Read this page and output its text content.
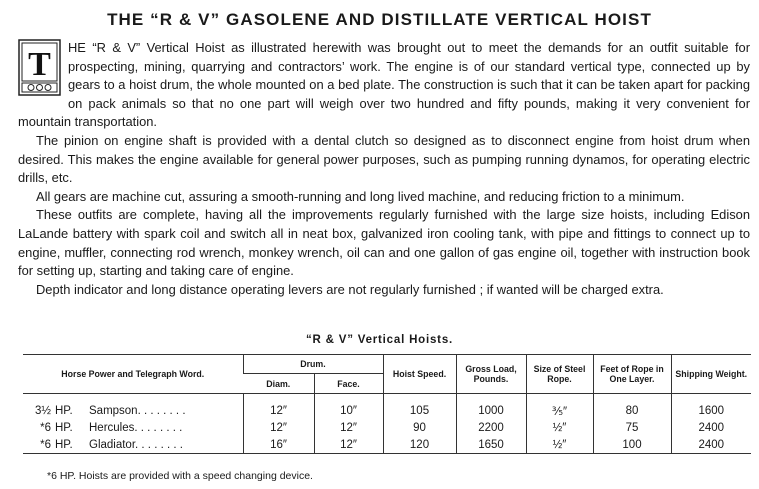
THE “R & V” GASOLENE AND DISTILLATE VERTICAL HOIST
T	HE “R & V” Vertical Hoist as illustrated herewith was brought out to meet the demands for an outfit suitable for prospecting, mining, quarrying and contractors’ work. The engine is of our standard vertical type, connected up by gears to a hoist drum, the whole mounted on a bed plate. The construction is such that it can be taken apart for packing on pack animals so that no one part will weigh over two hundred and fifty pounds, making it very convenient for mountain transportation.

The pinion on engine shaft is provided with a dental clutch so designed as to disconnect engine from hoist drum when desired. This makes the engine available for general power purposes, such as pumping running dynamos, for operating electric drills, etc.

All gears are machine cut, assuring a smooth-running and long lived machine, and reducing friction to a minimum.

These outfits are complete, having all the improvements regularly furnished with the large size hoists, including Edison LaLande battery with spark coil and switch all in neat box, galvanized iron cooling tank, with pipe and fittings to connect up to engine, muffler, connecting rod wrench, monkey wrench, oil can and one gallon of gas engine oil, together with instruction book for setting up, starting and taking care of engine.

Depth indicator and long distance operating levers are not regularly furnished ; if wanted will be charged extra.

“R & V” Vertical Hoists.
Horse Power and Telegraph Word.	Drum.		Hoist Speed.	Gross Load, Pounds.	Size of Steel Rope.	Feet of Rope in One Layer.	Shipping Weight.
	Diam.	Face.					
3½ HP. Sampson. . . . . . . .	12″	10″	105	1000	⅗″	80	1600
*6 HP. Hercules. . . . . . . .	12″	12″	90	2200	½″	75	2400
*6 HP. Gladiator. . . . . . . .	16″	12″	120	1650	½″	100	2400
*6 HP. Hoists are provided with a speed changing device.
